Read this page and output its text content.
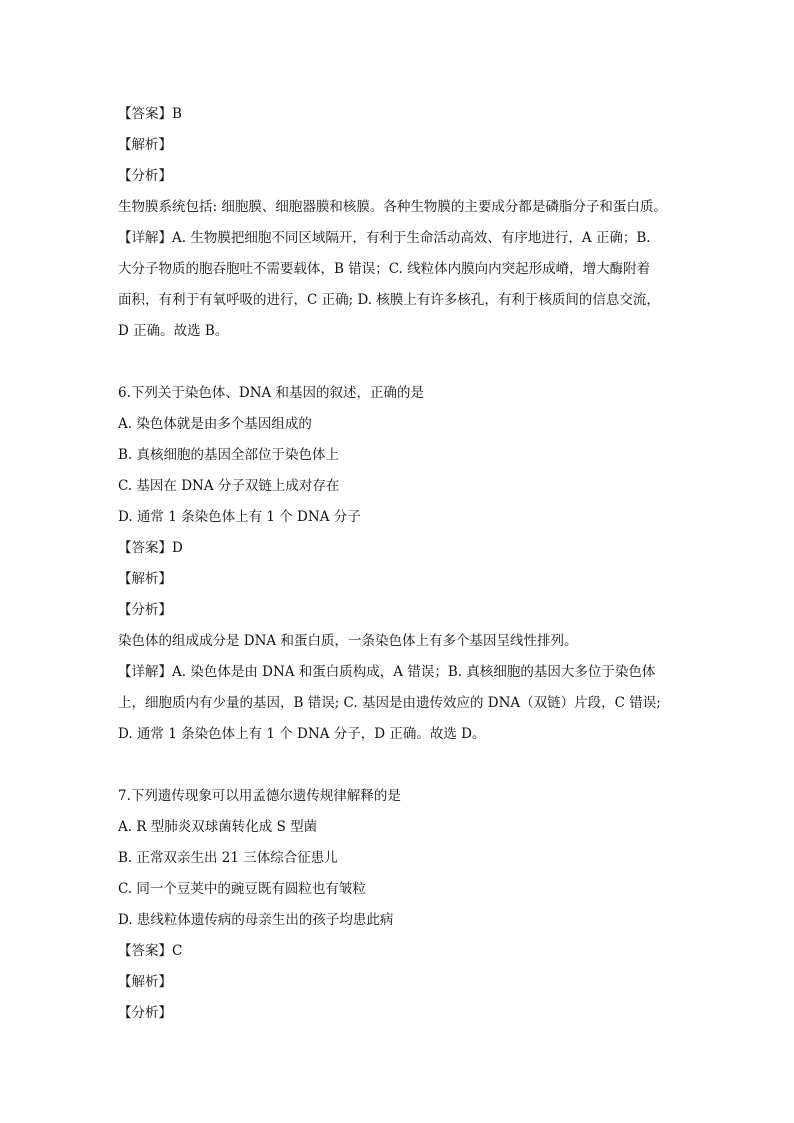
【答案】B
【解析】
【分析】
生物膜系统包括: 细胞膜、细胞器膜和核膜。各种生物膜的主要成分都是磷脂分子和蛋白质。
【详解】A. 生物膜把细胞不同区域隔开，有利于生命活动高效、有序地进行，A 正确；B.
大分子物质的胞吞胞吐不需要载体，B 错误；C. 线粒体内膜向内突起形成嵴，增大酶附着
面积，有利于有氧呼吸的进行，C 正确; D. 核膜上有许多核孔，有利于核质间的信息交流，
D 正确。故选 B。
6.下列关于染色体、DNA 和基因的叙述，正确的是
A. 染色体就是由多个基因组成的
B. 真核细胞的基因全部位于染色体上
C. 基因在 DNA 分子双链上成对存在
D. 通常 1 条染色体上有 1 个 DNA 分子
【答案】D
【解析】
【分析】
染色体的组成成分是 DNA 和蛋白质，一条染色体上有多个基因呈线性排列。
【详解】A. 染色体是由 DNA 和蛋白质构成，A 错误；B. 真核细胞的基因大多位于染色体
上，细胞质内有少量的基因，B 错误; C. 基因是由遗传效应的 DNA（双链）片段，C 错误;
D. 通常 1 条染色体上有 1 个 DNA 分子，D 正确。故选 D。
7.下列遗传现象可以用孟德尔遗传规律解释的是
A. R 型肺炎双球菌转化成 S 型菌
B. 正常双亲生出 21 三体综合征患儿
C. 同一个豆荚中的豌豆既有圆粒也有皱粒
D. 患线粒体遗传病的母亲生出的孩子均患此病
【答案】C
【解析】
【分析】
